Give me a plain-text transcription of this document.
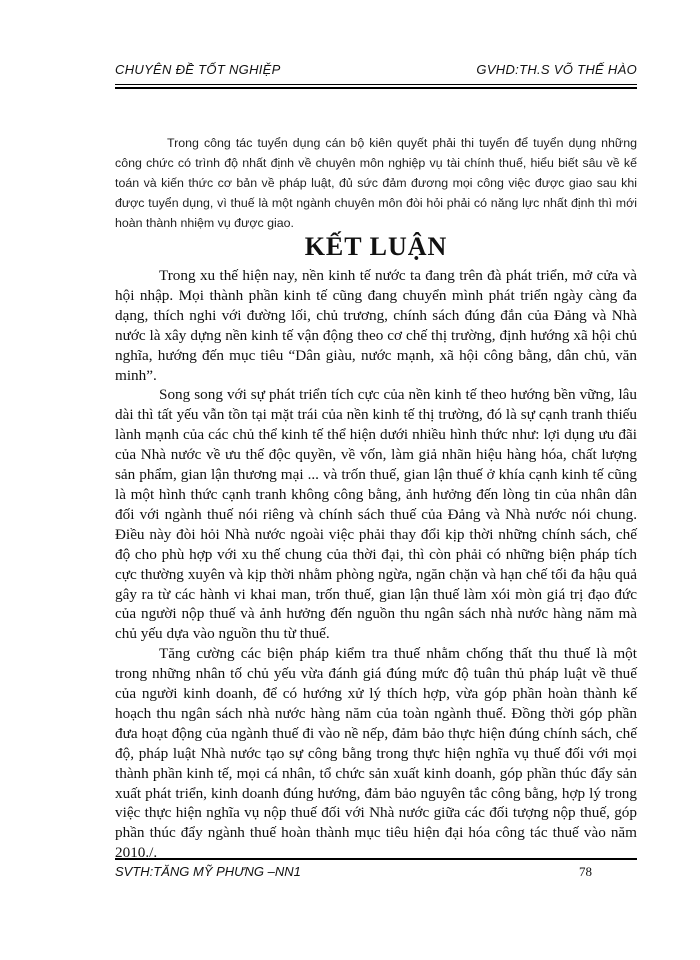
CHUYÊN ĐỀ TỐT NGHIỆP	GVHD:TH.S VÕ THẾ HÀO
Trong công tác tuyển dụng cán bộ kiên quyết phải thi tuyển để tuyển dụng những công chức có trình độ nhất định về chuyên môn nghiệp vụ tài chính thuế, hiểu biết sâu về kế toán và kiến thức cơ bản về pháp luật, đủ sức đảm đương mọi công việc được giao sau khi được tuyển dụng, vì thuế là một ngành chuyên môn đòi hỏi phải có năng lực nhất định thì mới hoàn thành nhiệm vụ được giao.
KẾT LUẬN

Trong xu thế hiện nay, nền kinh tế nước ta đang trên đà phát triển, mở cửa và hội nhập. Mọi thành phần kinh tế cũng đang chuyển mình phát triển ngày càng đa dạng, thích nghi với đường lối, chủ trương, chính sách đúng đắn của Đảng và Nhà nước là xây dựng nền kinh tế vận động theo cơ chế thị trường, định hướng xã hội chủ nghĩa, hướng đến mục tiêu “Dân giàu, nước mạnh, xã hội công bằng, dân chủ, văn minh”.

Song song với sự phát triển tích cực của nền kinh tế theo hướng bền vững, lâu dài thì tất yếu vẫn tồn tại mặt trái của nền kinh tế thị trường, đó là sự cạnh tranh thiếu lành mạnh của các chủ thể kinh tế thể hiện dưới nhiều hình thức như: lợi dụng ưu đãi của Nhà nước về ưu thế độc quyền, về vốn, làm giả nhãn hiệu hàng hóa, chất lượng sản phẩm, gian lận thương mại ... và trốn thuế, gian lận thuế ở khía cạnh kinh tế cũng là một hình thức cạnh tranh không công bằng, ảnh hưởng đến lòng tin của nhân dân đối với ngành thuế nói riêng và chính sách thuế của Đảng và Nhà nước nói chung. Điều này đòi hỏi Nhà nước ngoài việc phải thay đổi kịp thời những chính sách, chế độ cho phù hợp với xu thế chung của thời đại, thì còn phải có những biện pháp tích cực thường xuyên và kịp thời nhằm phòng ngừa, ngăn chặn và hạn chế tối đa hậu quả gây ra từ các hành vi khai man, trốn thuế, gian lận thuế làm xói mòn giá trị đạo đức của người nộp thuế và ảnh hưởng đến nguồn thu ngân sách nhà nước hàng năm mà chủ yếu dựa vào nguồn thu từ thuế.

Tăng cường các biện pháp kiểm tra thuế nhằm chống thất thu thuế là một trong những nhân tố chủ yếu vừa đánh giá đúng mức độ tuân thủ pháp luật về thuế của người kinh doanh, để có hướng xử lý thích hợp, vừa góp phần hoàn thành kế hoạch thu ngân sách nhà nước hàng năm của toàn ngành thuế. Đồng thời góp phần đưa hoạt động của ngành thuế đi vào nề nếp, đảm bảo thực hiện đúng chính sách, chế độ, pháp luật Nhà nước tạo sự công bằng trong thực hiện nghĩa vụ thuế đối với mọi thành phần kinh tế, mọi cá nhân, tổ chức sản xuất kinh doanh, góp phần thúc đẩy sản xuất phát triển, kinh doanh đúng hướng, đảm bảo nguyên tắc công bằng, hợp lý trong việc thực hiện nghĩa vụ nộp thuế đối với Nhà nước giữa các đối tượng nộp thuế, góp phần thúc đẩy ngành thuế hoàn thành mục tiêu hiện đại hóa công tác thuế vào năm 2010./.

SVTH:TĂNG MỸ PHƯNG –NN1	78
